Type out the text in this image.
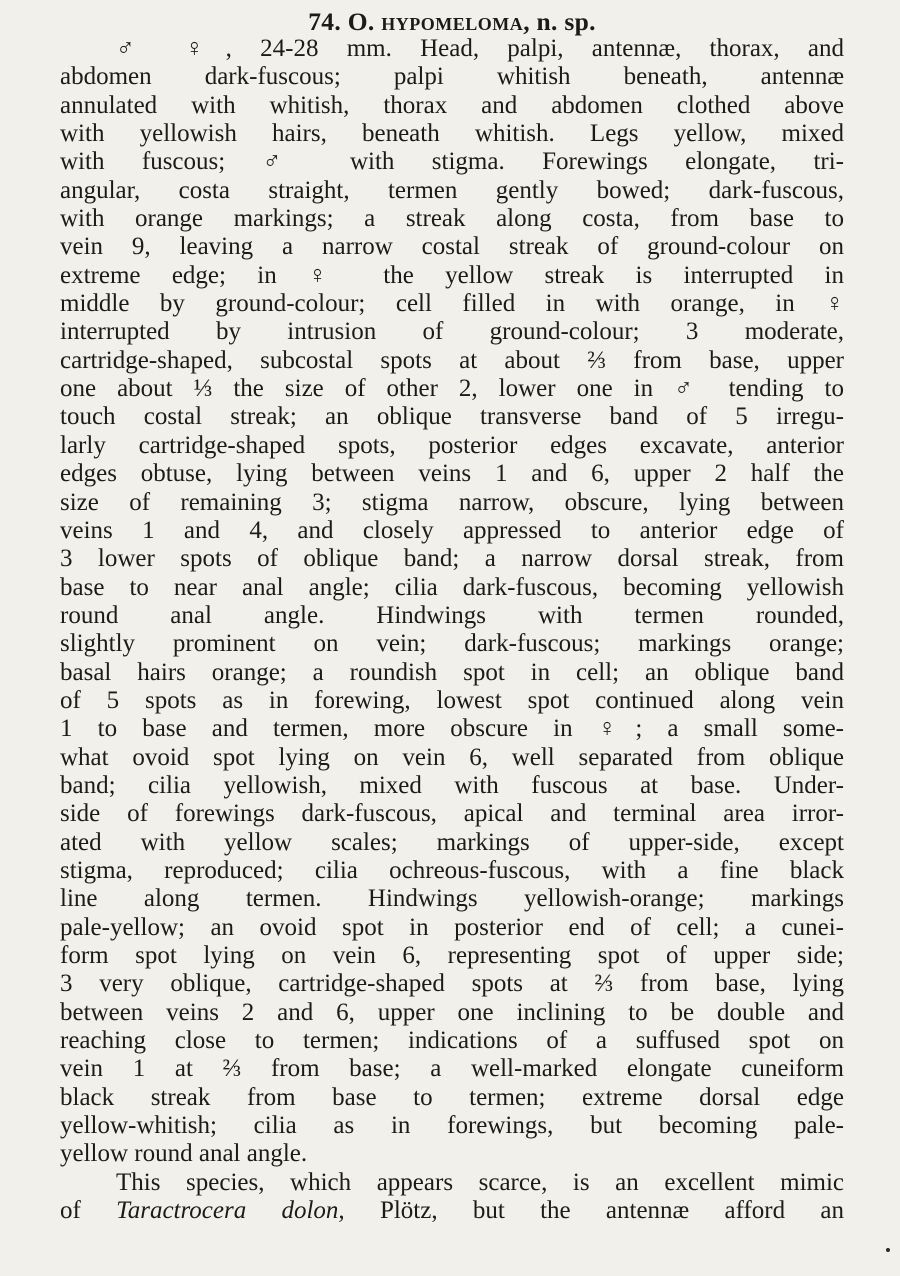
74. O. hypomeloma, n. sp.
♂ ♀, 24-28 mm. Head, palpi, antennæ, thorax, and
abdomen dark-fuscous; palpi whitish beneath, antennæ
annulated with whitish, thorax and abdomen clothed above
with yellowish hairs, beneath whitish. Legs yellow, mixed
with fuscous; ♂ with stigma. Forewings elongate, tri-
angular, costa straight, termen gently bowed; dark-fuscous,
with orange markings; a streak along costa, from base to
vein 9, leaving a narrow costal streak of ground-colour on
extreme edge; in ♀ the yellow streak is interrupted in
middle by ground-colour; cell filled in with orange, in ♀
interrupted by intrusion of ground-colour; 3 moderate,
cartridge-shaped, subcostal spots at about ⅔ from base, upper
one about ⅓ the size of other 2, lower one in ♂ tending to
touch costal streak; an oblique transverse band of 5 irregu-
larly cartridge-shaped spots, posterior edges excavate, anterior
edges obtuse, lying between veins 1 and 6, upper 2 half the
size of remaining 3; stigma narrow, obscure, lying between
veins 1 and 4, and closely appressed to anterior edge of
3 lower spots of oblique band; a narrow dorsal streak, from
base to near anal angle; cilia dark-fuscous, becoming yellowish
round anal angle. Hindwings with termen rounded,
slightly prominent on vein; dark-fuscous; markings orange;
basal hairs orange; a roundish spot in cell; an oblique band
of 5 spots as in forewing, lowest spot continued along vein
1 to base and termen, more obscure in ♀; a small some-
what ovoid spot lying on vein 6, well separated from oblique
band; cilia yellowish, mixed with fuscous at base. Under-
side of forewings dark-fuscous, apical and terminal area irror-
ated with yellow scales; markings of upper-side, except
stigma, reproduced; cilia ochreous-fuscous, with a fine black
line along termen. Hindwings yellowish-orange; markings
pale-yellow; an ovoid spot in posterior end of cell; a cunei-
form spot lying on vein 6, representing spot of upper side;
3 very oblique, cartridge-shaped spots at ⅔ from base, lying
between veins 2 and 6, upper one inclining to be double and
reaching close to termen; indications of a suffused spot on
vein 1 at ⅔ from base; a well-marked elongate cuneiform
black streak from base to termen; extreme dorsal edge
yellow-whitish; cilia as in forewings, but becoming pale-
yellow round anal angle.
This species, which appears scarce, is an excellent mimic
of Taractrocera dolon, Plötz, but the antennæ afford an
